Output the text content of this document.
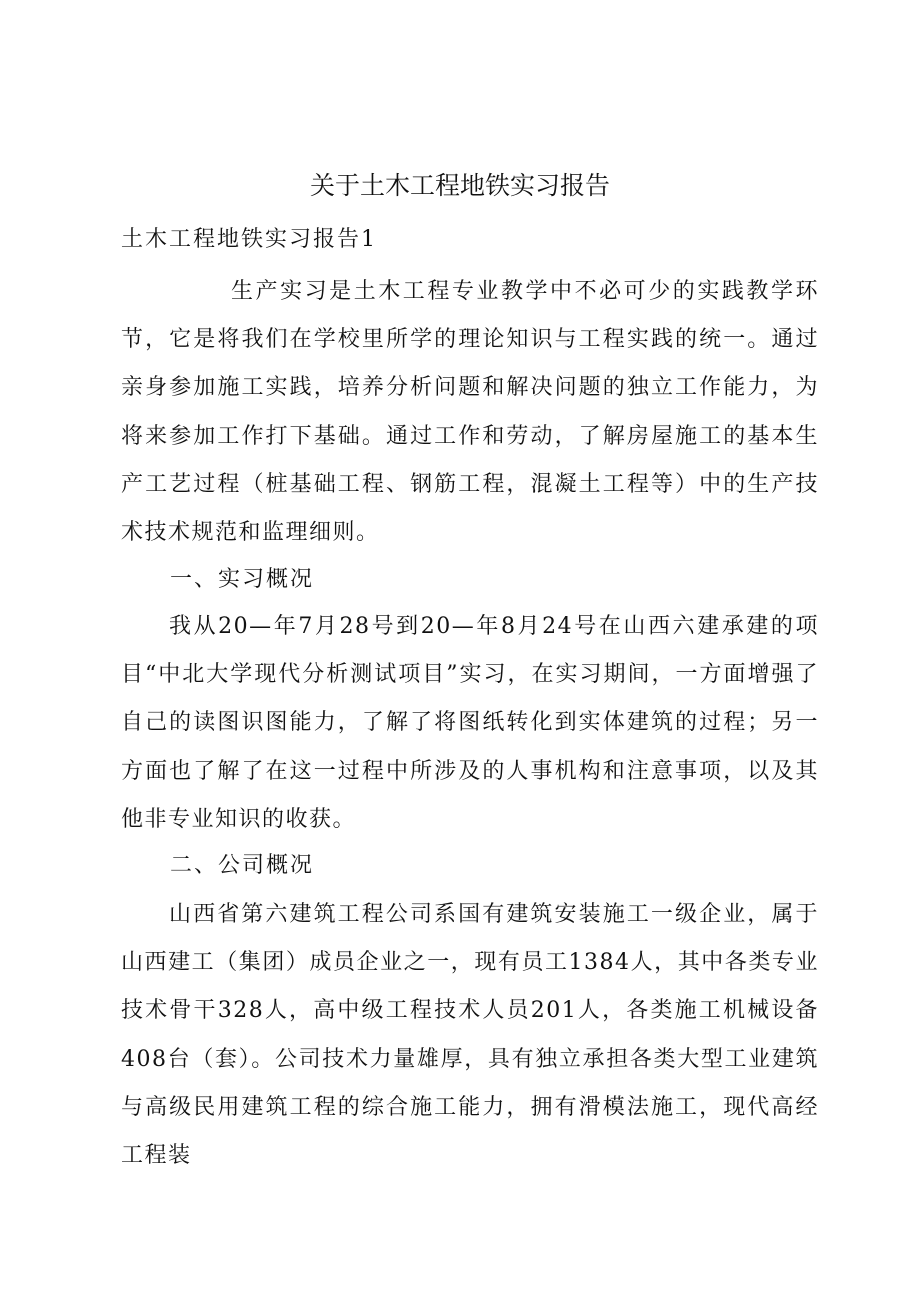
关于土木工程地铁实习报告
土木工程地铁实习报告1

生产实习是土木工程专业教学中不必可少的实践教学环节，它是将我们在学校里所学的理论知识与工程实践的统一。通过亲身参加施工实践，培养分析问题和解决问题的独立工作能力，为将来参加工作打下基础。通过工作和劳动，了解房屋施工的基本生产工艺过程（桩基础工程、钢筋工程，混凝土工程等）中的生产技术技术规范和监理细则。

一、实习概况

我从20—年7月28号到20—年8月24号在山西六建承建的项目“中北大学现代分析测试项目”实习，在实习期间，一方面增强了自己的读图识图能力，了解了将图纸转化到实体建筑的过程；另一方面也了解了在这一过程中所涉及的人事机构和注意事项，以及其他非专业知识的收获。

二、公司概况

山西省第六建筑工程公司系国有建筑安装施工一级企业，属于山西建工（集团）成员企业之一，现有员工1384人，其中各类专业技术骨干328人，高中级工程技术人员201人，各类施工机械设备408台（套）。公司技术力量雄厚，具有独立承担各类大型工业建筑与高级民用建筑工程的综合施工能力，拥有滑模法施工，现代高经工程装
